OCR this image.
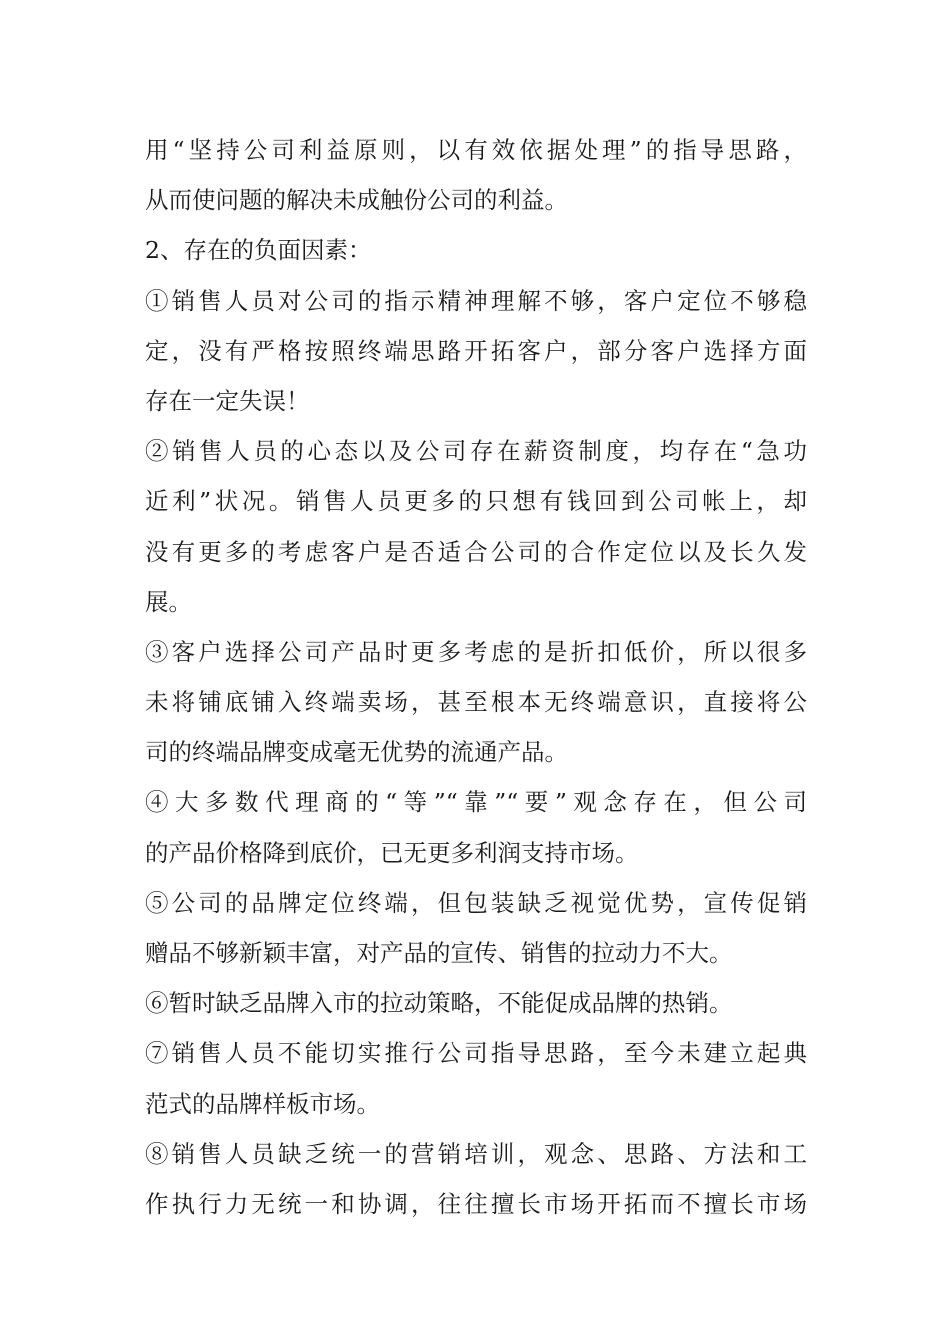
用“坚持公司利益原则，以有效依据处理”的指导思路，
从而使问题的解决未成触份公司的利益。
2、存在的负面因素：
①销售人员对公司的指示精神理解不够，客户定位不够稳
定，没有严格按照终端思路开拓客户，部分客户选择方面
存在一定失误！
②销售人员的心态以及公司存在薪资制度，均存在“急功
近利”状况。销售人员更多的只想有钱回到公司帐上，却
没有更多的考虑客户是否适合公司的合作定位以及长久发
展。
③客户选择公司产品时更多考虑的是折扣低价，所以很多
未将铺底铺入终端卖场，甚至根本无终端意识，直接将公
司的终端品牌变成毫无优势的流通产品。
④大多数代理商的“等”“靠”“要”观念存在，但公司
的产品价格降到底价，已无更多利润支持市场。
⑤公司的品牌定位终端，但包装缺乏视觉优势，宣传促销
赠品不够新颖丰富，对产品的宣传、销售的拉动力不大。
⑥暂时缺乏品牌入市的拉动策略，不能促成品牌的热销。
⑦销售人员不能切实推行公司指导思路，至今未建立起典
范式的品牌样板市场。
⑧销售人员缺乏统一的营销培训，观念、思路、方法和工
作执行力无统一和协调，往往擅长市场开拓而不擅长市场
